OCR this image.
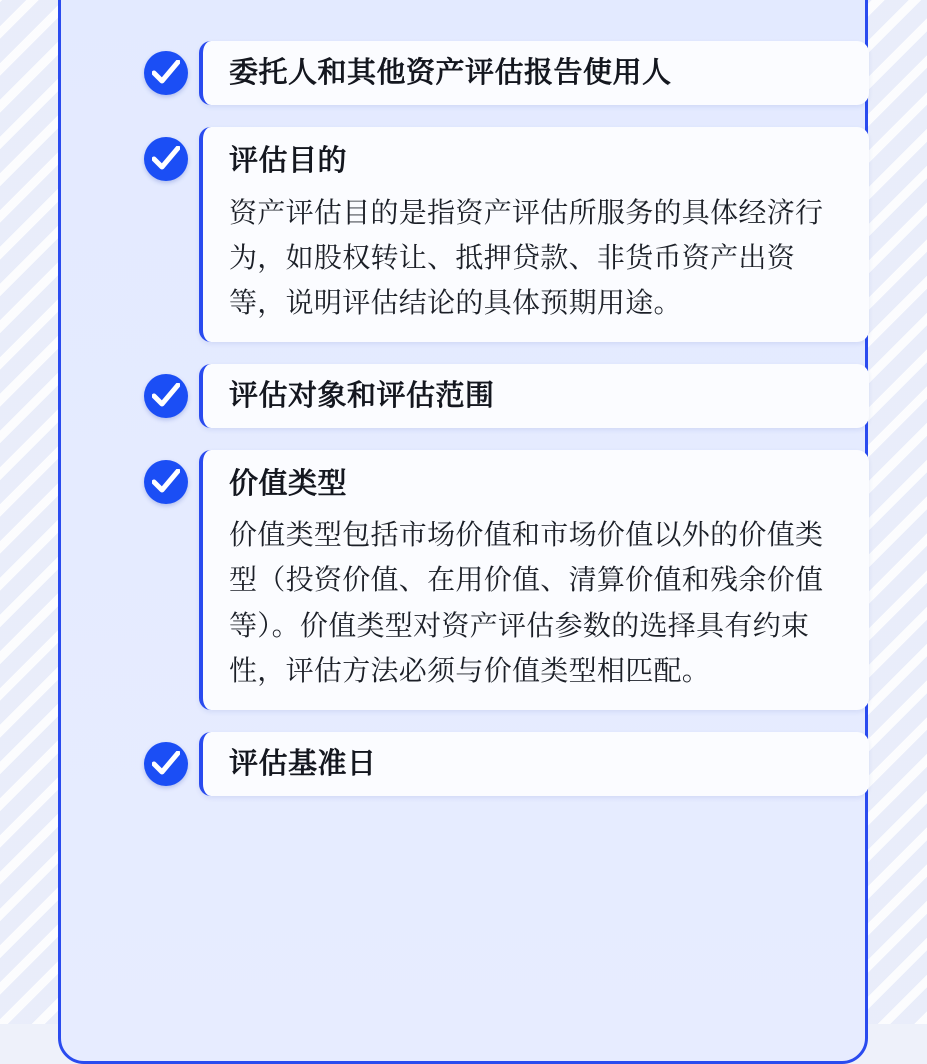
委托人和其他资产评估报告使用人
评估目的
资产评估目的是指资产评估所服务的具体经济行为，如股权转让、抵押贷款、非货币资产出资等，说明评估结论的具体预期用途。
评估对象和评估范围
价值类型
价值类型包括市场价值和市场价值以外的价值类型（投资价值、在用价值、清算价值和残余价值等）。价值类型对资产评估参数的选择具有约束性，评估方法必须与价值类型相匹配。
评估基准日
